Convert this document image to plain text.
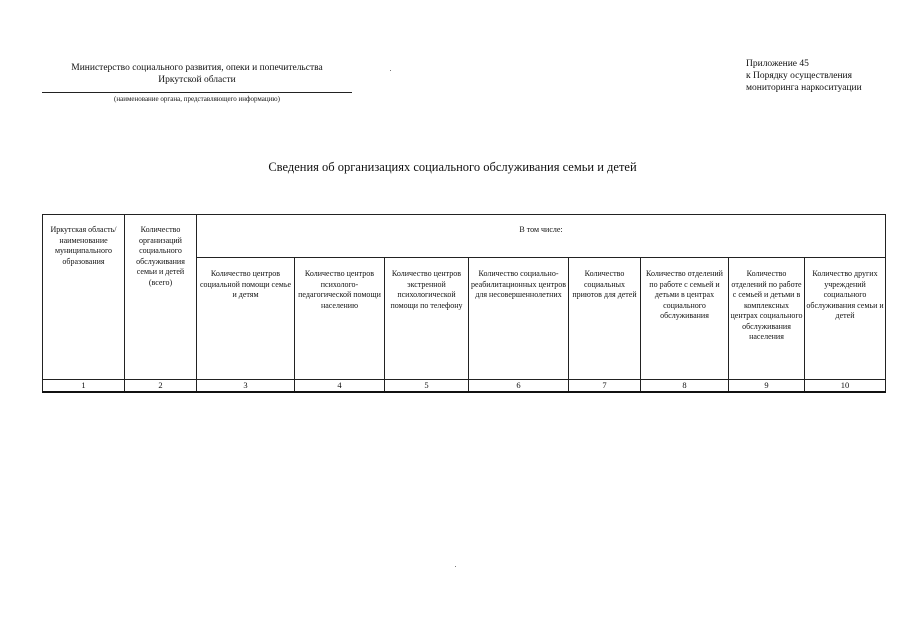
Министерство социального развития, опеки и попечительства
Иркутской области
(наименование органа, представляющего информацию)
Приложение 45
к Порядку осуществления
мониторинга наркоситуации
Сведения об организациях социального обслуживания семьи и детей
Иркутская область/ наименование муниципального образования	Количество организаций социального обслуживания семьи и детей (всего)	В том числе:							
		Количество центров социальной помощи семье и детям	Количество центров психолого-педагогической помощи населению	Количество центров экстренной психологической помощи по телефону	Количество социально-реабилитационных центров для несовершеннолетних	Количество социальных приютов для детей	Количество отделений по работе с семьей и детьми в центрах социального обслуживания	Количество отделений по работе с семьей и детьми в комплексных центрах социального обслуживания населения	Количество других учреждений социального обслуживания семьи и детей
1	2	3	4	5	6	7	8	9	10
